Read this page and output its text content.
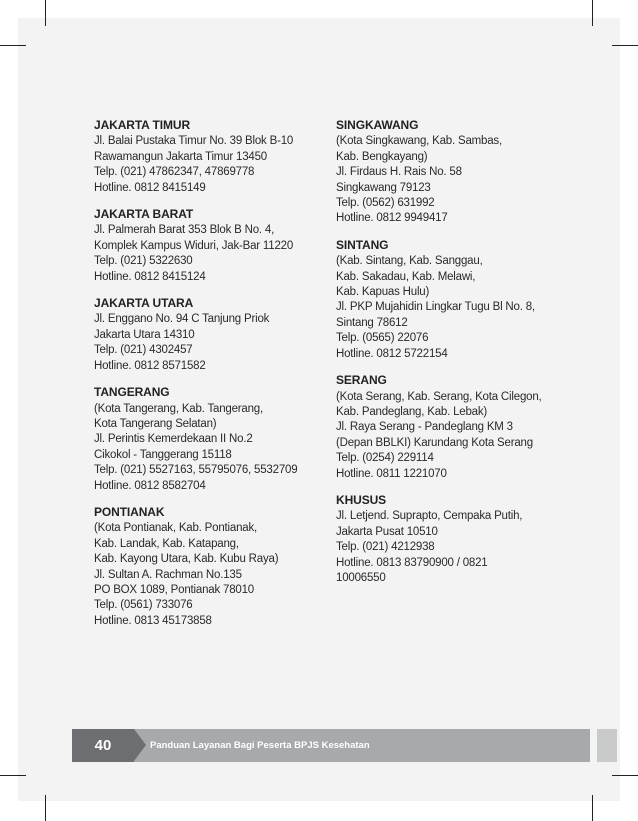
JAKARTA TIMUR
Jl. Balai Pustaka Timur No. 39 Blok B-10
Rawamangun Jakarta Timur 13450
Telp. (021) 47862347, 47869778
Hotline. 0812 8415149
JAKARTA BARAT
Jl. Palmerah Barat 353 Blok B No. 4,
Komplek Kampus Widuri, Jak-Bar 11220
Telp. (021) 5322630
Hotline. 0812 8415124
JAKARTA UTARA
Jl. Enggano No. 94 C Tanjung Priok
Jakarta Utara 14310
Telp. (021) 4302457
Hotline. 0812 8571582
TANGERANG
(Kota Tangerang, Kab. Tangerang,
Kota Tangerang Selatan)
Jl. Perintis Kemerdekaan II No.2
Cikokol - Tanggerang 15118
Telp. (021) 5527163, 55795076, 5532709
Hotline. 0812 8582704
PONTIANAK
(Kota Pontianak, Kab. Pontianak,
Kab. Landak, Kab. Katapang,
Kab. Kayong Utara, Kab. Kubu Raya)
Jl. Sultan A. Rachman No.135
PO BOX 1089, Pontianak 78010
Telp. (0561) 733076
Hotline. 0813 45173858
SINGKAWANG
(Kota Singkawang, Kab. Sambas,
Kab. Bengkayang)
Jl. Firdaus H. Rais No. 58
Singkawang 79123
Telp. (0562) 631992
Hotline. 0812 9949417
SINTANG
(Kab. Sintang, Kab. Sanggau,
Kab. Sakadau, Kab. Melawi,
Kab. Kapuas Hulu)
Jl. PKP Mujahidin Lingkar Tugu Bl No. 8,
Sintang 78612
Telp. (0565) 22076
Hotline. 0812 5722154
SERANG
(Kota Serang, Kab. Serang, Kota Cilegon,
Kab. Pandeglang, Kab. Lebak)
Jl. Raya Serang - Pandeglang KM 3
(Depan BBLKI) Karundang Kota Serang
Telp. (0254) 229114
Hotline. 0811 1221070
KHUSUS
Jl. Letjend. Suprapto, Cempaka Putih,
Jakarta Pusat 10510
Telp. (021) 4212938
Hotline. 0813 83790900 / 0821
10006550
40	Panduan Layanan Bagi Peserta BPJS Kesehatan
